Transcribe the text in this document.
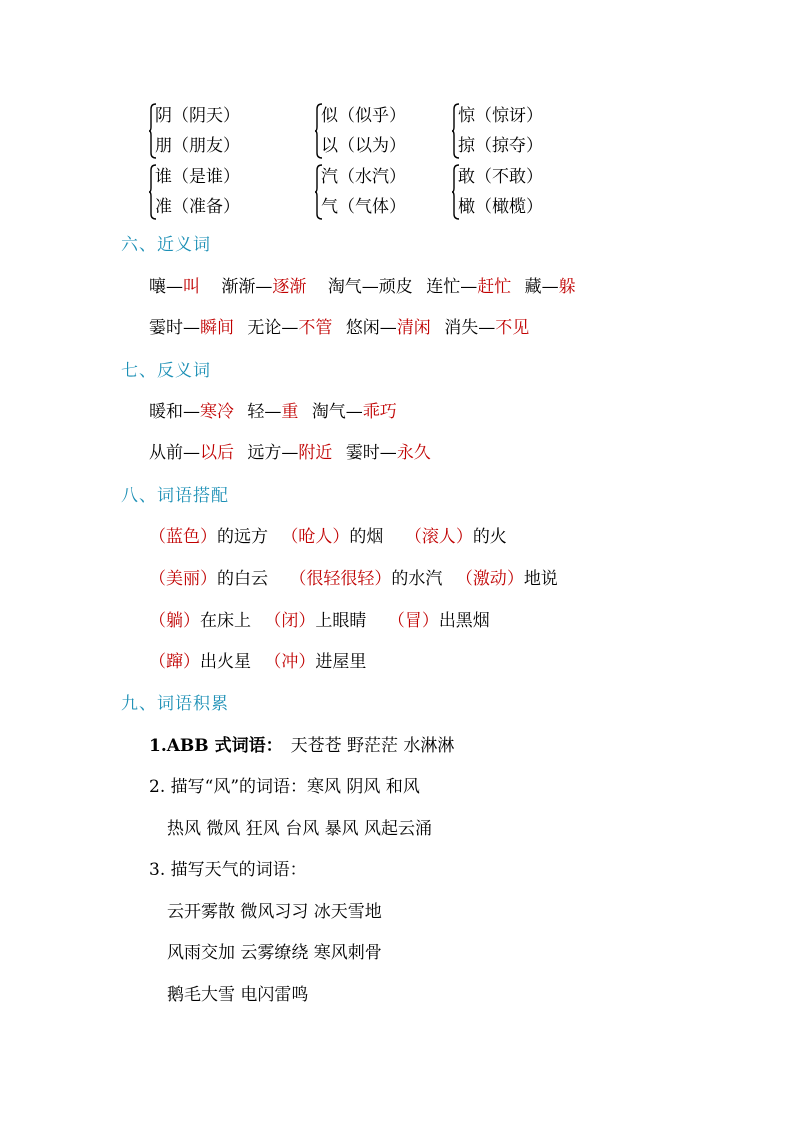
阴（阴天）
朋（朋友）
似（似乎）
以（以为）
惊（惊讶）
掠（掠夺）
谁（是谁）
准（准备）
汽（水汽）
气（气体）
敢（不敢）
橄（橄榄）
六、近义词
嚷—叫 渐渐—逐渐 淘气—顽皮 连忙—赶忙 藏—躲
霎时—瞬间 无论—不管 悠闲—清闲 消失—不见
七、反义词
暖和—寒冷 轻—重 淘气—乖巧
从前—以后 远方—附近 霎时—永久
八、词语搭配
（蓝色）的远方 （呛人）的烟 （滚人）的火
（美丽）的白云 （很轻很轻）的水汽 （激动）地说
（躺）在床上 （闭）上眼睛 （冒）出黑烟
（蹿）出火星 （冲）进屋里
九、词语积累
1.ABB 式词语： 天苍苍 野茫茫 水淋淋
2. 描写“风”的词语：寒风 阴风 和风
热风 微风 狂风 台风 暴风 风起云涌
3. 描写天气的词语：
云开雾散 微风习习 冰天雪地
风雨交加 云雾缭绕 寒风刺骨
鹅毛大雪 电闪雷鸣
